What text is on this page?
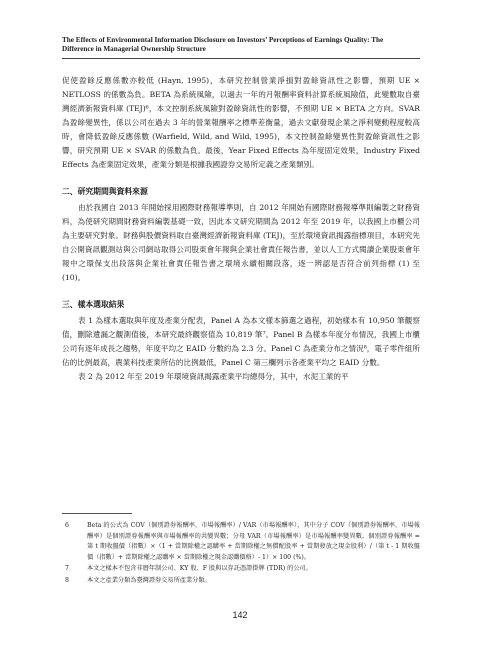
The Effects of Environmental Information Disclosure on Investors’ Perceptions of Earnings Quality: The
Difference in Managerial Ownership Structure

促使盈餘反應係數亦較低 (Hayn, 1995)，本研究控制營業淨損對盈餘資訊性之影響，預期 UE × NETLOSS 的係數為負。BETA 為系統風險，以過去一年的月報酬率資料計算系統風險值，此變數取自臺灣經濟新報資料庫 (TEJ)⁶，本文控制系統風險對盈餘資訊性的影響，不預期 UE × BETA 之方向。SVAR 為盈餘變異性，係以公司在過去 3 年的營業報酬率之標準差衡量，過去文獻發現企業之淨利變動程度較高時，會降低盈餘反應係數 (Warfield, Wild, and Wild, 1995)，本文控制盈餘變異性對盈餘資訊性之影響，研究預期 UE × SVAR 的係數為負。最後，Year Fixed Effects 為年度固定效果，Industry Fixed Effects 為產業固定效果，產業分類是根據我國證券交易所定義之產業類別。

二、研究期間與資料來源

由於我國自 2013 年開始採用國際財務報導準則，自 2012 年開始有國際財務報導準則編製之財務資料，為使研究期間財務資料編製基礎一致，因此本文研究期間為 2012 年至 2019 年，以我國上市櫃公司為主要研究對象。財務與股價資料取自臺灣經濟新報資料庫 (TEJ)，至於環境資訊揭露指標項目，本研究先自公開資訊觀測站與公司網站取得公司股東會年報與企業社會責任報告書，並以人工方式閱讀企業股東會年報中之環保支出段落與企業社會責任報告書之環境永續相關段落，逐一辨認是否符合前列指標 (1) 至 (10)。

三、樣本選取結果

表 1 為樣本選取與年度及產業分配表，Panel A 為本文樣本篩選之過程，初始樣本有 10,950 筆觀察值，刪除遺漏之觀測值後，本研究最終觀察值為 10,819 筆⁷。Panel B 為樣本年度分布情況，我國上市櫃公司有逐年成長之趨勢，年度平均之 EAID 分數約為 2.3 分。Panel C 為產業分布之情況⁸，電子零件組所佔的比例最高，農業科技產業所佔的比例最低，Panel C 第三欄列示各產業平均之 EAID 分數。

表 2 為 2012 年至 2019 年環境資訊揭露產業平均總得分，其中，水泥工業的平

6	Beta 的公式為 COV（個別證券報酬率，市場報酬率）/ VAR（市場報酬率），其中分子 COV（個別證券報酬率，市場報酬率）是個別證券報酬率與市場報酬率的共變異數；分母 VAR（市場報酬率）是市場報酬率變異數。個別證券報酬率 = 第 t 期收盤價（指數）×（1 + 當期除權之認購率 + 當期除權之無償配股率 + 當期發放之現金股利）/（第 t - 1 期收盤價（指數）+ 當期除權之認購率 × 當期除權之現金認購價格）- 1）× 100 (%)。
7	本文之樣本不包含非曆年制公司、KY 股、F 股與以存託憑證掛牌 (TDR) 的公司。
8	本文之產業分類為臺灣證券交易所產業分類。
142
